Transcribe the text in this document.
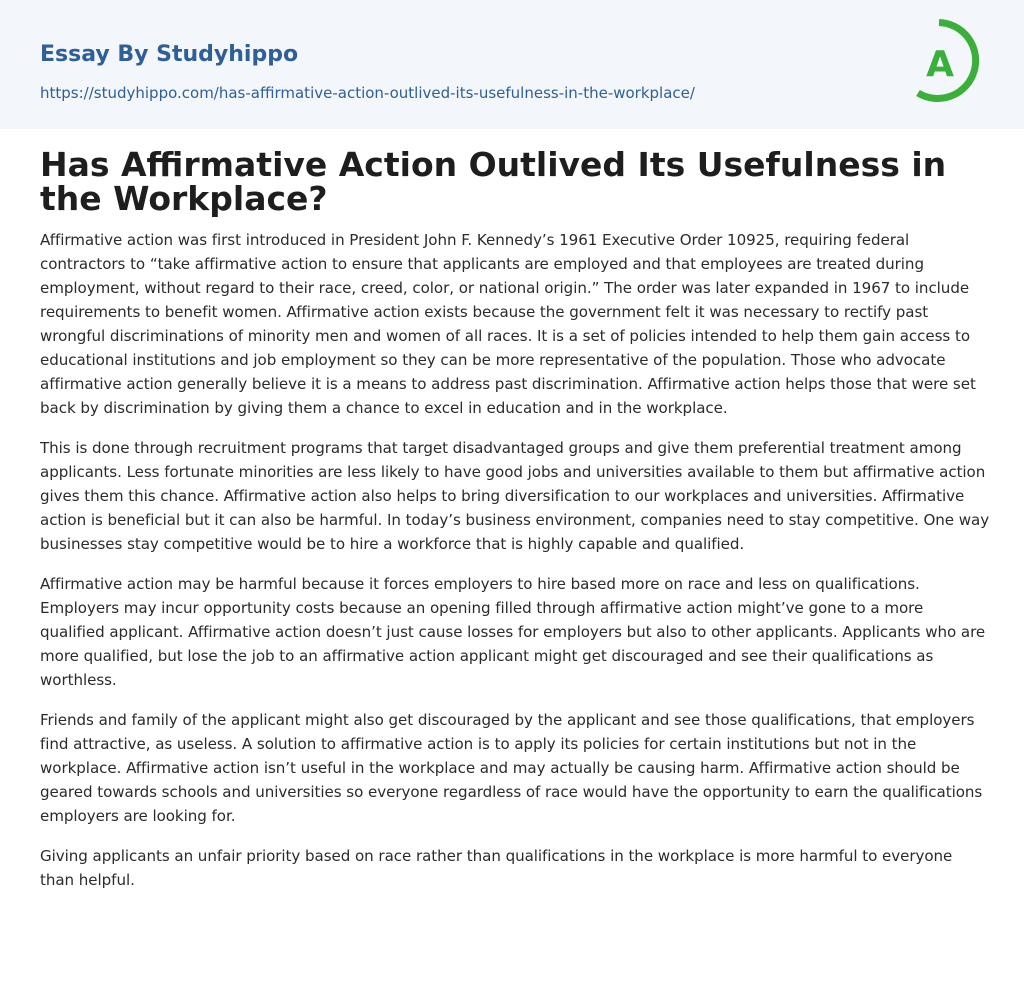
Essay By Studyhippo
https://studyhippo.com/has-affirmative-action-outlived-its-usefulness-in-the-workplace/
A
Has Affirmative Action Outlived Its Usefulness in the Workplace?

Affirmative action was first introduced in President John F. Kennedy’s 1961 Executive Order 10925, requiring federal contractors to “take affirmative action to ensure that applicants are employed and that employees are treated during employment, without regard to their race, creed, color, or national origin.” The order was later expanded in 1967 to include requirements to benefit women. Affirmative action exists because the government felt it was necessary to rectify past wrongful discriminations of minority men and women of all races. It is a set of policies intended to help them gain access to educational institutions and job employment so they can be more representative of the population. Those who advocate affirmative action generally believe it is a means to address past discrimination. Affirmative action helps those that were set back by discrimination by giving them a chance to excel in education and in the workplace.

This is done through recruitment programs that target disadvantaged groups and give them preferential treatment among applicants. Less fortunate minorities are less likely to have good jobs and universities available to them but affirmative action gives them this chance. Affirmative action also helps to bring diversification to our workplaces and universities. Affirmative action is beneficial but it can also be harmful. In today’s business environment, companies need to stay competitive. One way businesses stay competitive would be to hire a workforce that is highly capable and qualified.

Affirmative action may be harmful because it forces employers to hire based more on race and less on qualifications. Employers may incur opportunity costs because an opening filled through affirmative action might’ve gone to a more qualified applicant. Affirmative action doesn’t just cause losses for employers but also to other applicants. Applicants who are more qualified, but lose the job to an affirmative action applicant might get discouraged and see their qualifications as worthless.

Friends and family of the applicant might also get discouraged by the applicant and see those qualifications, that employers find attractive, as useless. A solution to affirmative action is to apply its policies for certain institutions but not in the workplace. Affirmative action isn’t useful in the workplace and may actually be causing harm. Affirmative action should be geared towards schools and universities so everyone regardless of race would have the opportunity to earn the qualifications employers are looking for.

Giving applicants an unfair priority based on race rather than qualifications in the workplace is more harmful to everyone than helpful.
